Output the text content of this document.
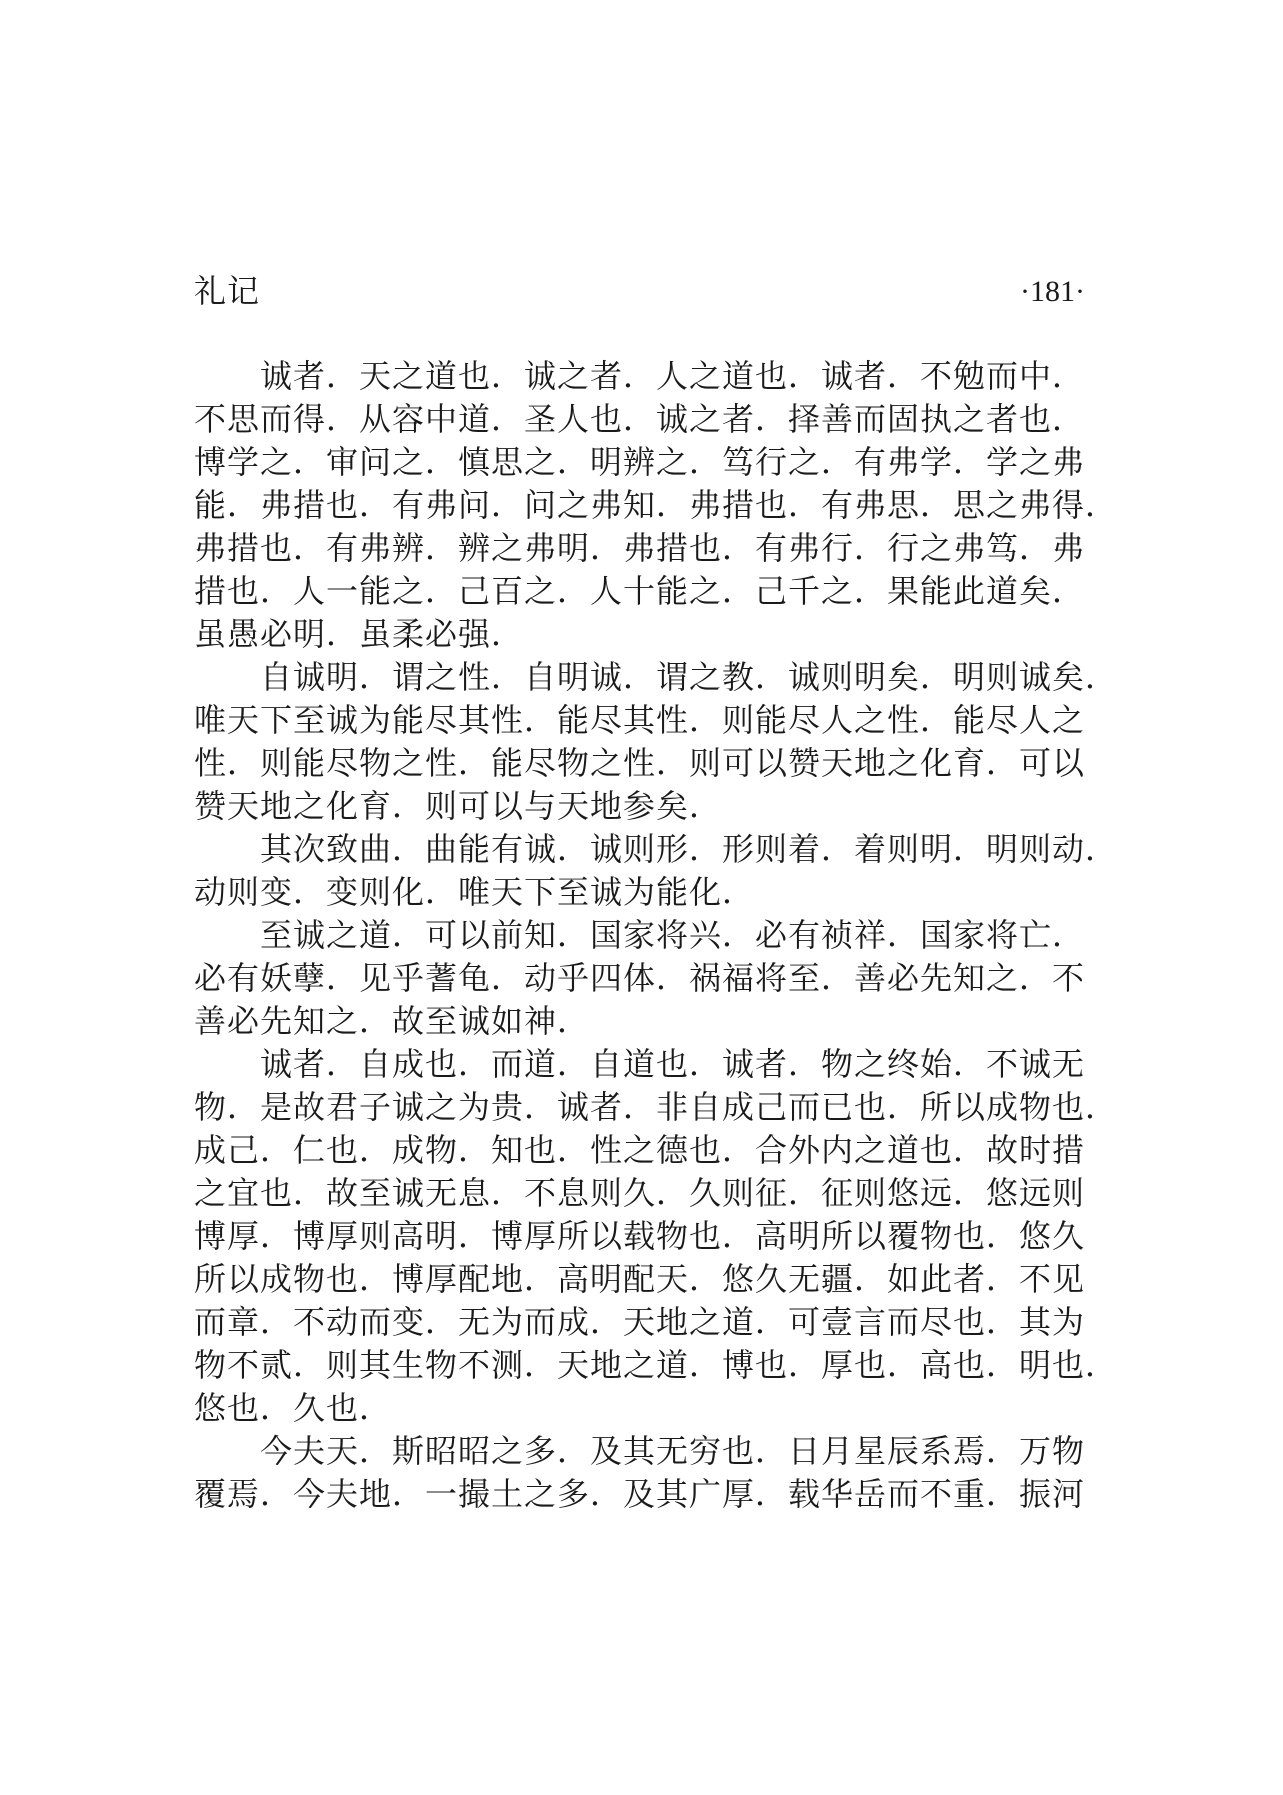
礼记	·181·
诚者．天之道也．诚之者．人之道也．诚者．不勉而中．
不思而得．从容中道．圣人也．诚之者．择善而固执之者也．
博学之．审问之．慎思之．明辨之．笃行之．有弗学．学之弗
能．弗措也．有弗问．问之弗知．弗措也．有弗思．思之弗得．
弗措也．有弗辨．辨之弗明．弗措也．有弗行．行之弗笃．弗
措也．人一能之．己百之．人十能之．己千之．果能此道矣．
虽愚必明．虽柔必强．
自诚明．谓之性．自明诚．谓之教．诚则明矣．明则诚矣．
唯天下至诚为能尽其性．能尽其性．则能尽人之性．能尽人之
性．则能尽物之性．能尽物之性．则可以赞天地之化育．可以
赞天地之化育．则可以与天地参矣．
其次致曲．曲能有诚．诚则形．形则着．着则明．明则动．
动则变．变则化．唯天下至诚为能化．
至诚之道．可以前知．国家将兴．必有祯祥．国家将亡．
必有妖孽．见乎蓍龟．动乎四体．祸福将至．善必先知之．不
善必先知之．故至诚如神．
诚者．自成也．而道．自道也．诚者．物之终始．不诚无
物．是故君子诚之为贵．诚者．非自成己而已也．所以成物也．
成己．仁也．成物．知也．性之德也．合外内之道也．故时措
之宜也．故至诚无息．不息则久．久则征．征则悠远．悠远则
博厚．博厚则高明．博厚所以载物也．高明所以覆物也．悠久
所以成物也．博厚配地．高明配天．悠久无疆．如此者．不见
而章．不动而变．无为而成．天地之道．可壹言而尽也．其为
物不贰．则其生物不测．天地之道．博也．厚也．高也．明也．
悠也．久也．
今夫天．斯昭昭之多．及其无穷也．日月星辰系焉．万物
覆焉．今夫地．一撮土之多．及其广厚．载华岳而不重．振河
